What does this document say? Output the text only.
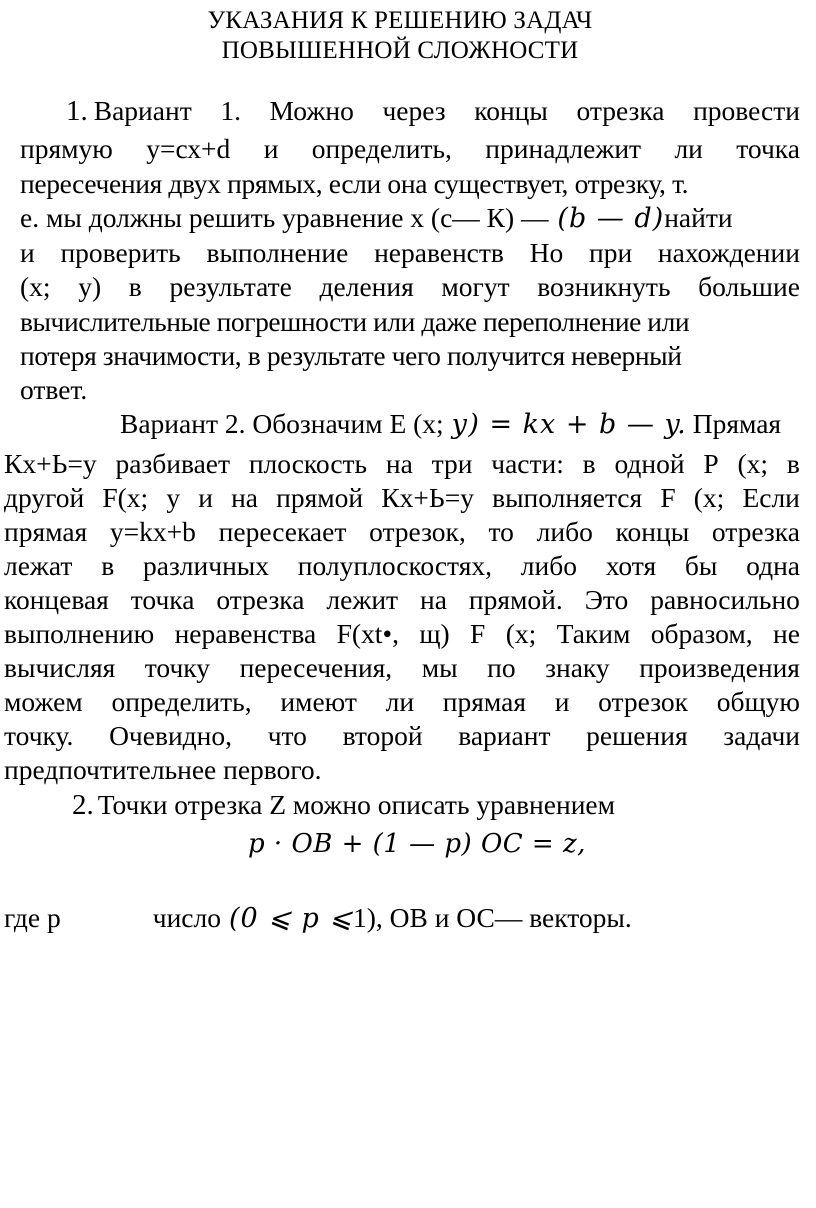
УКАЗАНИЯ К РЕШЕНИЮ ЗАДАЧ
ПОВЫШЕННОЙ СЛОЖНОСТИ
1. Вариант 1. Можно через концы отрезка провести
прямую у=сх+d и определить, принадлежит ли точка
пересечения двух прямых, если она существует, отрезку, т.
е. мы должны решить уравнение х (с— К) — (b — d) найти
и проверить выполнение неравенств Но при нахождении
(х; у) в результате деления могут возникнуть большие
вычислительные погрешности или даже переполнение или
потеря значимости, в результате чего получится неверный
ответ.
Вариант 2. Обозначим Е (х; у) = kx + b — y. Прямая
Кх+Ь=у разбивает плоскость на три части: в одной Р (х; в
другой F(x; у и на прямой Кх+Ь=у выполняется F (х; Если
прямая y=kx+b пересекает отрезок, то либо концы отрезка
лежат в различных полуплоскостях, либо хотя бы одна
концевая точка отрезка лежит на прямой. Это равносильно
выполнению неравенства F(xt•, щ) F (х; Таким образом, не
вычисляя точку пересечения, мы по знаку произведения
можем определить, имеют ли прямая и отрезок общую
точку. Очевидно, что второй вариант решения задачи
предпочтительнее первого.
2. Точки отрезка Z можно описать уравнением
p · OB + (1 — p) OC = z,
где р	число (0 ⩽ p ⩽ 1), ОВ и ОС— векторы.
